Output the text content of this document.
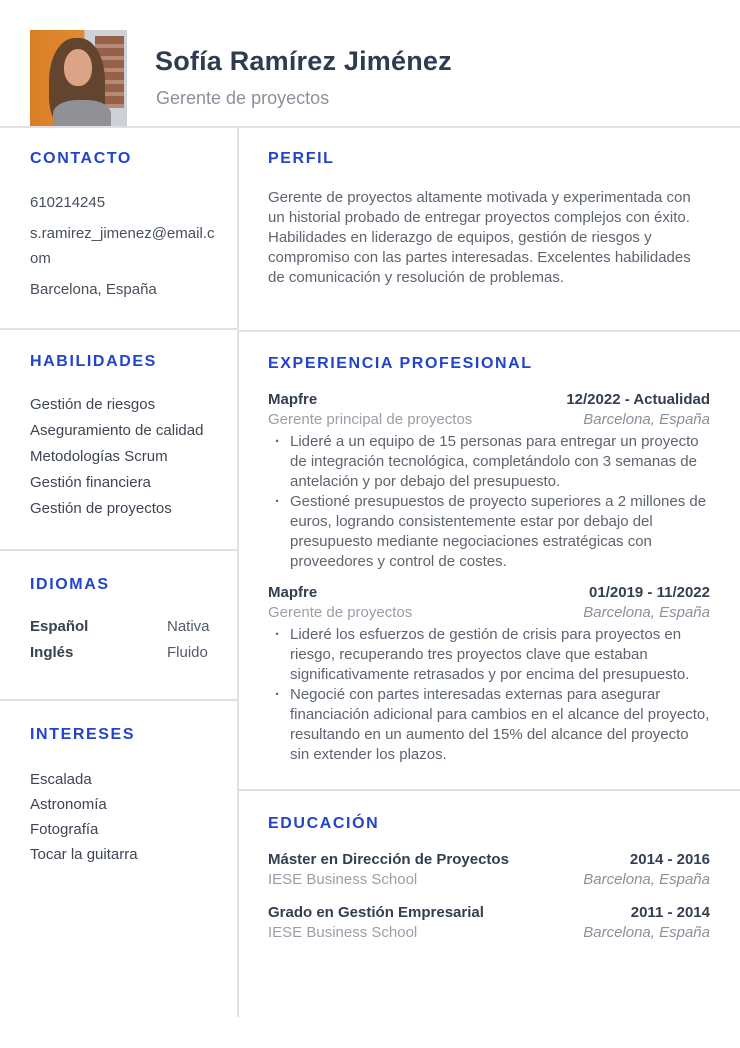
Sofía Ramírez Jiménez
Gerente de proyectos
CONTACTO
610214245
s.ramirez_jimenez@email.com
Barcelona, España
HABILIDADES
Gestión de riesgos
Aseguramiento de calidad
Metodologías Scrum
Gestión financiera
Gestión de proyectos
IDIOMAS
Español	Nativa
Inglés	Fluido
INTERESES
Escalada
Astronomía
Fotografía
Tocar la guitarra
PERFIL

Gerente de proyectos altamente motivada y experimentada con un historial probado de entregar proyectos complejos con éxito. Habilidades en liderazgo de equipos, gestión de riesgos y compromiso con las partes interesadas. Excelentes habilidades de comunicación y resolución de problemas.

EXPERIENCIA PROFESIONAL
Mapfre	12/2022 - Actualidad
Gerente principal de proyectos	Barcelona, España
· Lideré a un equipo de 15 personas para entregar un proyecto de integración tecnológica, completándolo con 3 semanas de antelación y por debajo del presupuesto.
· Gestioné presupuestos de proyecto superiores a 2 millones de euros, logrando consistentemente estar por debajo del presupuesto mediante negociaciones estratégicas con proveedores y control de costes.
Mapfre	01/2019 - 11/2022
Gerente de proyectos	Barcelona, España
· Lideré los esfuerzos de gestión de crisis para proyectos en riesgo, recuperando tres proyectos clave que estaban significativamente retrasados y por encima del presupuesto.
· Negocié con partes interesadas externas para asegurar financiación adicional para cambios en el alcance del proyecto, resultando en un aumento del 15% del alcance del proyecto sin extender los plazos.
EDUCACIÓN
Máster en Dirección de Proyectos	2014 - 2016
IESE Business School	Barcelona, España
Grado en Gestión Empresarial	2011 - 2014
IESE Business School	Barcelona, España
